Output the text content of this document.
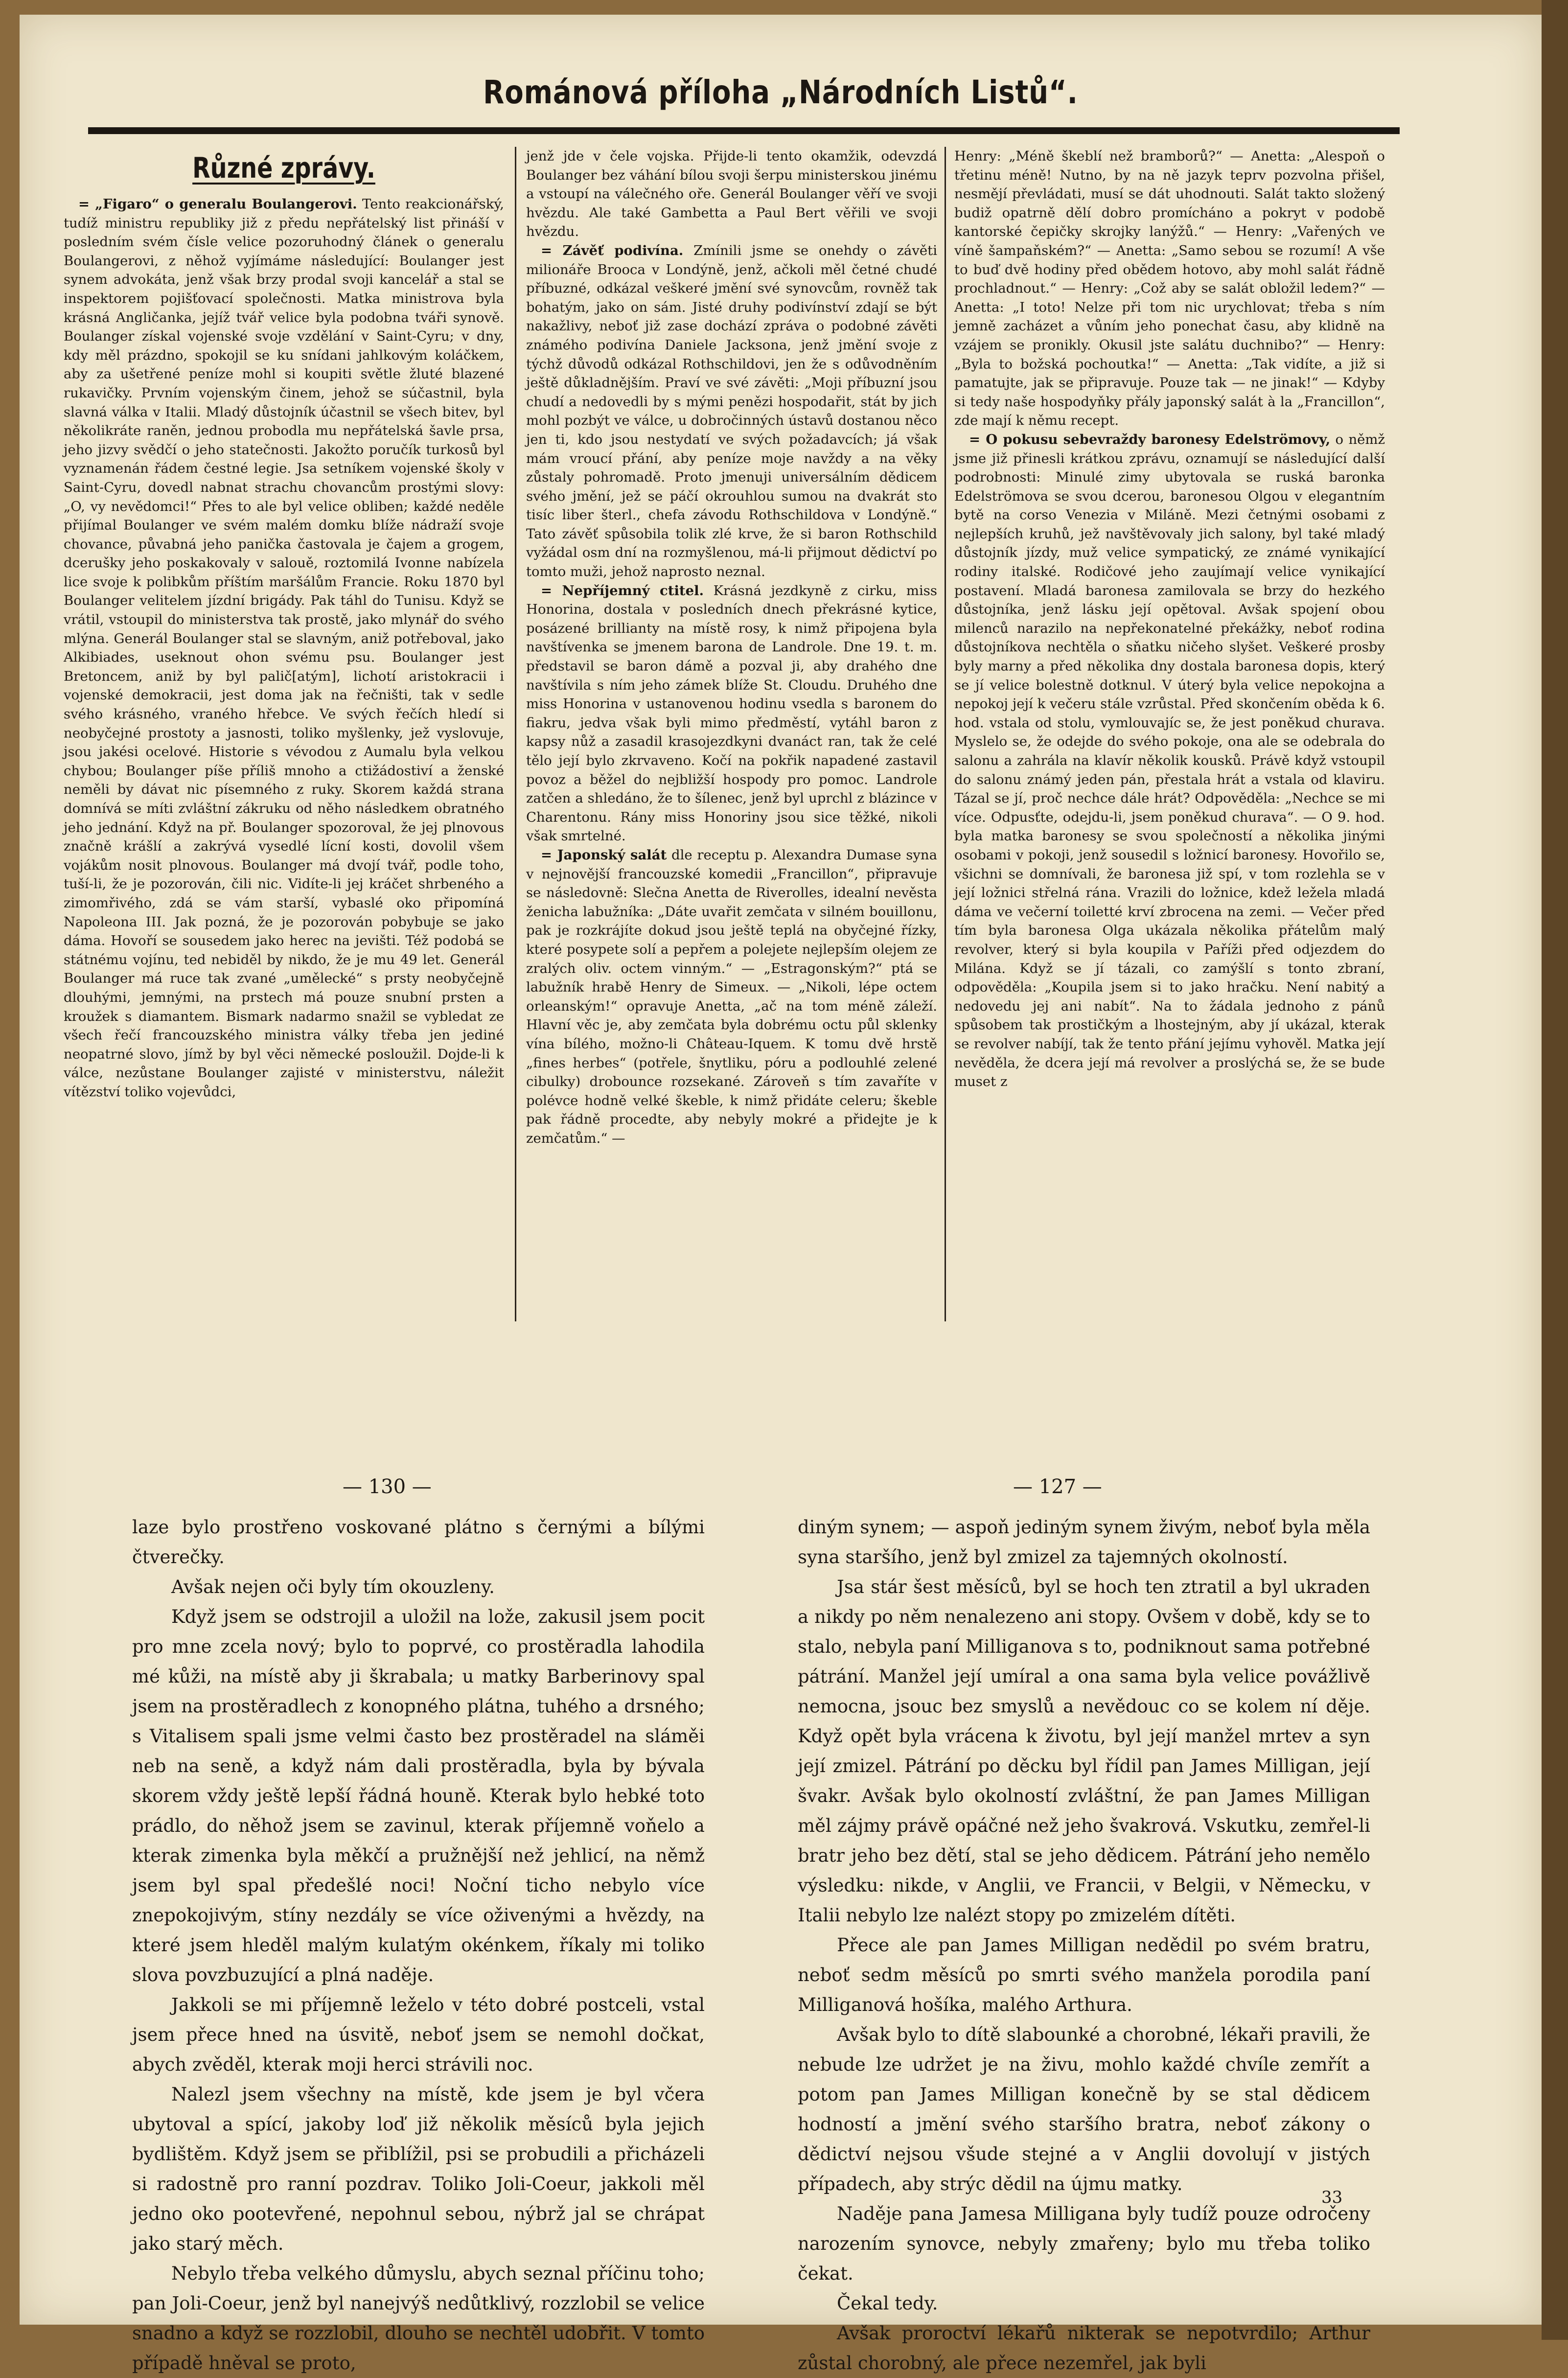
Románová příloha „Národních Listů“.
Různé zprávy.

= „Figaro“ o generalu Boulangerovi. Tento reakcionářský, tudíž ministru republiky již z předu nepřátelský list přináší v posledním svém čísle velice pozoruhodný článek o generalu Boulangerovi, z něhož vyjímáme následující: Boulanger jest synem advokáta, jenž však brzy prodal svoji kancelář a stal se inspektorem pojišťovací společnosti. Matka ministrova byla krásná Angličanka, jejíž tvář velice byla podobna tváři synově. Boulanger získal vojenské svoje vzdělání v Saint-Cyru; v dny, kdy měl prázdno, spokojil se ku snídani jahlkovým koláčkem, aby za ušetřené peníze mohl si koupiti světle žluté blazené rukavičky. Prvním vojenským činem, jehož se súčastnil, byla slavná válka v Italii. Mladý důstojník účastnil se všech bitev, byl několikráte raněn, jednou probodla mu nepřátelská šavle prsa, jeho jizvy svědčí o jeho statečnosti. Jakožto poručík turkosů byl vyznamenán řádem čestné legie. Jsa setníkem vojenské školy v Saint-Cyru, dovedl nabnat strachu chovancům prostými slovy: „O, vy nevědomci!“ Přes to ale byl velice obliben; každé neděle přijímal Boulanger ve svém malém domku blíže nádraží svoje chovance, půvabná jeho panička častovala je čajem a grogem, dcerušky jeho poskakovaly v salouě, roztomilá Ivonne nabízela lice svoje k polibkům příštím maršálům Francie. Roku 1870 byl Boulanger velitelem jízdní brigády. Pak táhl do Tunisu. Když se vrátil, vstoupil do ministerstva tak prostě, jako mlynář do svého mlýna. Generál Boulanger stal se slavným, aniž potřeboval, jako Alkibiades, useknout ohon svému psu. Boulanger jest Bretoncem, aniž by byl palič[atým], lichotí aristokracii i vojenské demokracii, jest doma jak na řečništi, tak v sedle svého krásného, vraného hřebce. Ve svých řečích hledí si neobyčejné prostoty a jasnosti, toliko myšlenky, jež vyslovuje, jsou jakési ocelové. Historie s vévodou z Aumalu byla velkou chybou; Boulanger píše příliš mnoho a ctižádostiví a ženské neměli by dávat nic písemného z ruky. Skorem každá strana domnívá se míti zvláštní zákruku od něho následkem obratného jeho jednání. Když na př. Boulanger spozoroval, že jej plnovous značně krášlí a zakrývá vysedlé lícní kosti, dovolil všem vojákům nosit plnovous. Boulanger má dvojí tvář, podle toho, tuší-li, že je pozorován, čili nic. Vidíte-li jej kráčet shrbeného a zimomřivého, zdá se vám starší, vybaslé oko připomíná Napoleona III. Jak pozná, že je pozorován pobybuje se jako dáma. Hovoří se sousedem jako herec na jevišti. Též podobá se státnému vojínu, ted nebiděl by nikdo, že je mu 49 let. Generál Boulanger má ruce tak zvané „umělecké“ s prsty neobyčejně dlouhými, jemnými, na prstech má pouze snubní prsten a kroužek s diamantem. Bismark nadarmo snažil se vybledat ze všech řečí francouzského ministra války třeba jen jediné neopatrné slovo, jímž by byl věci německé posloužil. Dojde-li k válce, nezůstane Boulanger zajisté v ministerstvu, náležit vítězství toliko vojevůdci,

jenž jde v čele vojska. Přijde-li tento okamžik, odevzdá Boulanger bez váhání bílou svoji šerpu ministerskou jinému a vstoupí na válečného oře. Generál Boulanger věří ve svoji hvězdu. Ale také Gambetta a Paul Bert věřili ve svoji hvězdu.

= Závěť podivína. Zmínili jsme se onehdy o závěti milionáře Brooca v Londýně, jenž, ačkoli měl četné chudé příbuzné, odkázal veškeré jmění své synovcům, rovněž tak bohatým, jako on sám. Jisté druhy podivínství zdají se být nakažlivy, neboť již zase dochází zpráva o podobné závěti známého podivína Daniele Jacksona, jenž jmění svoje z týchž důvodů odkázal Rothschildovi, jen že s odůvodněním ještě důkladnějším. Praví ve své závěti: „Moji příbuzní jsou chudí a nedovedli by s mými penězi hospodařit, stát by jich mohl pozbýt ve válce, u dobročinných ústavů dostanou něco jen ti, kdo jsou nestydatí ve svých požadavcích; já však mám vroucí přání, aby peníze moje navždy a na věky zůstaly pohromadě. Proto jmenuji universálním dědicem svého jmění, jež se páčí okrouhlou sumou na dvakrát sto tisíc liber šterl., chefa závodu Rothschildova v Londýně.“ Tato závěť spůsobila tolik zlé krve, že si baron Rothschild vyžádal osm dní na rozmyšlenou, má-li přijmout dědictví po tomto muži, jehož naprosto neznal.

= Nepříjemný ctitel. Krásná jezdkyně z cirku, miss Honorina, dostala v posledních dnech překrásné kytice, posázené brillianty na místě rosy, k nimž připojena byla navštívenka se jmenem barona de Landrole. Dne 19. t. m. představil se baron dámě a pozval ji, aby drahého dne navštívila s ním jeho zámek blíže St. Cloudu. Druhého dne miss Honorina v ustanovenou hodinu vsedla s baronem do fiakru, jedva však byli mimo předměstí, vytáhl baron z kapsy nůž a zasadil krasojezdkyni dvanáct ran, tak že celé tělo její bylo zkrvaveno. Kočí na pokřik napadené zastavil povoz a běžel do nejbližší hospody pro pomoc. Landrole zatčen a shledáno, že to šílenec, jenž byl uprchl z blázince v Charentonu. Rány miss Honoriny jsou sice těžké, nikoli však smrtelné.

= Japonský salát dle receptu p. Alexandra Dumase syna v nejnovější francouzské komedii „Francillon“, připravuje se následovně: Slečna Anetta de Riverolles, idealní nevěsta ženicha labužníka: „Dáte uvařit zemčata v silném bouillonu, pak je rozkrájíte dokud jsou ještě teplá na obyčejné řízky, které posypete solí a pepřem a polejete nejlepším olejem ze zralých oliv. octem vinným.“ — „Estragonským?“ ptá se labužník hrabě Henry de Simeux. — „Nikoli, lépe octem orleanským!“ opravuje Anetta, „ač na tom méně záleží. Hlavní věc je, aby zemčata byla dobrému octu půl sklenky vína bílého, možno-li Château-Iquem. K tomu dvě hrstě „fines herbes“ (potřele, šnytliku, póru a podlouhlé zelené cibulky) drobounce rozsekané. Zároveň s tím zavaříte v polévce hodně velké škeble, k nimž přidáte celeru; škeble pak řádně procedte, aby nebyly mokré a přidejte je k zemčatům.“ —

Henry: „Méně škeblí než bramborů?“ — Anetta: „Alespoň o třetinu méně! Nutno, by na ně jazyk teprv pozvolna přišel, nesmějí převládati, musí se dát uhodnouti. Salát takto složený budiž opatrně dělí dobro promícháno a pokryt v podobě kantorské čepičky skrojky lanýžů.“ — Henry: „Vařených ve víně šampaňském?“ — Anetta: „Samo sebou se rozumí! A vše to buď dvě hodiny před obědem hotovo, aby mohl salát řádně prochladnout.“ — Henry: „Což aby se salát obložil ledem?“ — Anetta: „I toto! Nelze při tom nic urychlovat; třeba s ním jemně zacházet a vůním jeho ponechat času, aby klidně na vzájem se pronikly. Okusil jste salátu duchnibo?“ — Henry: „Byla to božská pochoutka!“ — Anetta: „Tak vidíte, a již si pamatujte, jak se připravuje. Pouze tak — ne jinak!“ — Kdyby si tedy naše hospodyňky přály japonský salát à la „Francillon“, zde mají k němu recept.

= O pokusu sebevraždy baronesy Edelströmovy, o němž jsme již přinesli krátkou zprávu, oznamují se následující další podrobnosti: Minulé zimy ubytovala se ruská baronka Edelströmova se svou dcerou, baronesou Olgou v elegantním bytě na corso Venezia v Miláně. Mezi četnými osobami z nejlepších kruhů, jež navštěvovaly jich salony, byl také mladý důstojník jízdy, muž velice sympatický, ze známé vynikající rodiny italské. Rodičové jeho zaujímají velice vynikající postavení. Mladá baronesa zamilovala se brzy do hezkého důstojníka, jenž lásku její opětoval. Avšak spojení obou milenců narazilo na nepřekonatelné překážky, neboť rodina důstojníkova nechtěla o sňatku ničeho slyšet. Veškeré prosby byly marny a před několika dny dostala baronesa dopis, který se jí velice bolestně dotknul. V úterý byla velice nepokojna a nepokoj její k večeru stále vzrůstal. Před skončením oběda k 6. hod. vstala od stolu, vymlouvajíc se, že jest poněkud churava. Myslelo se, že odejde do svého pokoje, ona ale se odebrala do salonu a zahrála na klavír několik kousků. Právě když vstoupil do salonu známý jeden pán, přestala hrát a vstala od klaviru. Tázal se jí, proč nechce dále hrát? Odpověděla: „Nechce se mi více. Odpusťte, odejdu-li, jsem poněkud churava“. — O 9. hod. byla matka baronesy se svou společností a několika jinými osobami v pokoji, jenž sousedil s ložnicí baronesy. Hovořilo se, všichni se domnívali, že baronesa již spí, v tom rozlehla se v její ložnici střelná rána. Vrazili do ložnice, kdež ležela mladá dáma ve večerní toiletté krví zbrocena na zemi. — Večer před tím byla baronesa Olga ukázala několika přátelům malý revolver, který si byla koupila v Paříži před odjezdem do Milána. Když se jí tázali, co zamýšlí s tonto zbraní, odpověděla: „Koupila jsem si to jako hračku. Není nabitý a nedovedu jej ani nabít“. Na to žádala jednoho z pánů spůsobem tak prostičkým a lhostejným, aby jí ukázal, kterak se revolver nabíjí, tak že tento přání jejímu vyhověl. Matka její nevěděla, že dcera její má revolver a proslýchá se, že se bude muset z

— 130 —	— 127 —

laze bylo prostřeno voskované plátno s černými a bílými čtverečky.

Avšak nejen oči byly tím okouzleny.

Když jsem se odstrojil a uložil na lože, zakusil jsem pocit pro mne zcela nový; bylo to poprvé, co prostěradla lahodila mé kůži, na místě aby ji škrabala; u matky Barberinovy spal jsem na prostěradlech z konopného plátna, tuhého a drsného; s Vitalisem spali jsme velmi často bez prostěradel na sláměi neb na seně, a když nám dali prostěradla, byla by bývala skorem vždy ještě lepší řádná houně. Kterak bylo hebké toto prádlo, do něhož jsem se zavinul, kterak příjemně voňelo a kterak zimenka byla měkčí a pružnější než jehlicí, na němž jsem byl spal předešlé noci! Noční ticho nebylo více znepokojivým, stíny nezdály se více oživenými a hvězdy, na které jsem hleděl malým kulatým okénkem, říkaly mi toliko slova povzbuzující a plná naděje.

Jakkoli se mi příjemně leželo v této dobré postceli, vstal jsem přece hned na úsvitě, neboť jsem se nemohl dočkat, abych zvěděl, kterak moji herci strávili noc.

Nalezl jsem všechny na místě, kde jsem je byl včera ubytoval a spící, jakoby loď již několik měsíců byla jejich bydlištěm. Když jsem se přiblížil, psi se probudili a přicházeli si radostně pro ranní pozdrav. Toliko Joli-Coeur, jakkoli měl jedno oko pootevřené, nepohnul sebou, nýbrž jal se chrápat jako starý měch.

Nebylo třeba velkého důmyslu, abych seznal příčinu toho; pan Joli-Coeur, jenž byl nanejvýš nedůtklivý, rozzlobil se velice snadno a když se rozzlobil, dlouho se nechtěl udobřit. V tomto případě hněval se proto,

diným synem; — aspoň jediným synem živým, neboť byla měla syna staršího, jenž byl zmizel za tajemných okolností.

Jsa stár šest měsíců, byl se hoch ten ztratil a byl ukraden a nikdy po něm nenalezeno ani stopy. Ovšem v době, kdy se to stalo, nebyla paní Milliganova s to, podniknout sama potřebné pátrání. Manžel její umíral a ona sama byla velice povážlivě nemocna, jsouc bez smyslů a nevědouc co se kolem ní děje. Když opět byla vrácena k životu, byl její manžel mrtev a syn její zmizel. Pátrání po děcku byl řídil pan James Milligan, její švakr. Avšak bylo okolností zvláštní, že pan James Milligan měl zájmy právě opáčné než jeho švakrová. Vskutku, zemřel-li bratr jeho bez dětí, stal se jeho dědicem. Pátrání jeho nemělo výsledku: nikde, v Anglii, ve Francii, v Belgii, v Německu, v Italii nebylo lze nalézt stopy po zmizelém dítěti.

Přece ale pan James Milligan nedědil po svém bratru, neboť sedm měsíců po smrti svého manžela porodila paní Milliganová hošíka, malého Arthura.

Avšak bylo to dítě slabounké a chorobné, lékaři pravili, že nebude lze udržet je na živu, mohlo každé chvíle zemřít a potom pan James Milligan konečně by se stal dědicem hodností a jmění svého staršího bratra, neboť zákony o dědictví nejsou všude stejné a v Anglii dovolují v jistých případech, aby strýc dědil na újmu matky.

Naděje pana Jamesa Milligana byly tudíž pouze odročeny narozením synovce, nebyly zmařeny; bylo mu třeba toliko čekat.

Čekal tedy.

Avšak proroctví lékařů nikterak se nepotvrdilo; Arthur zůstal chorobný, ale přece nezemřel, jak byli

33
